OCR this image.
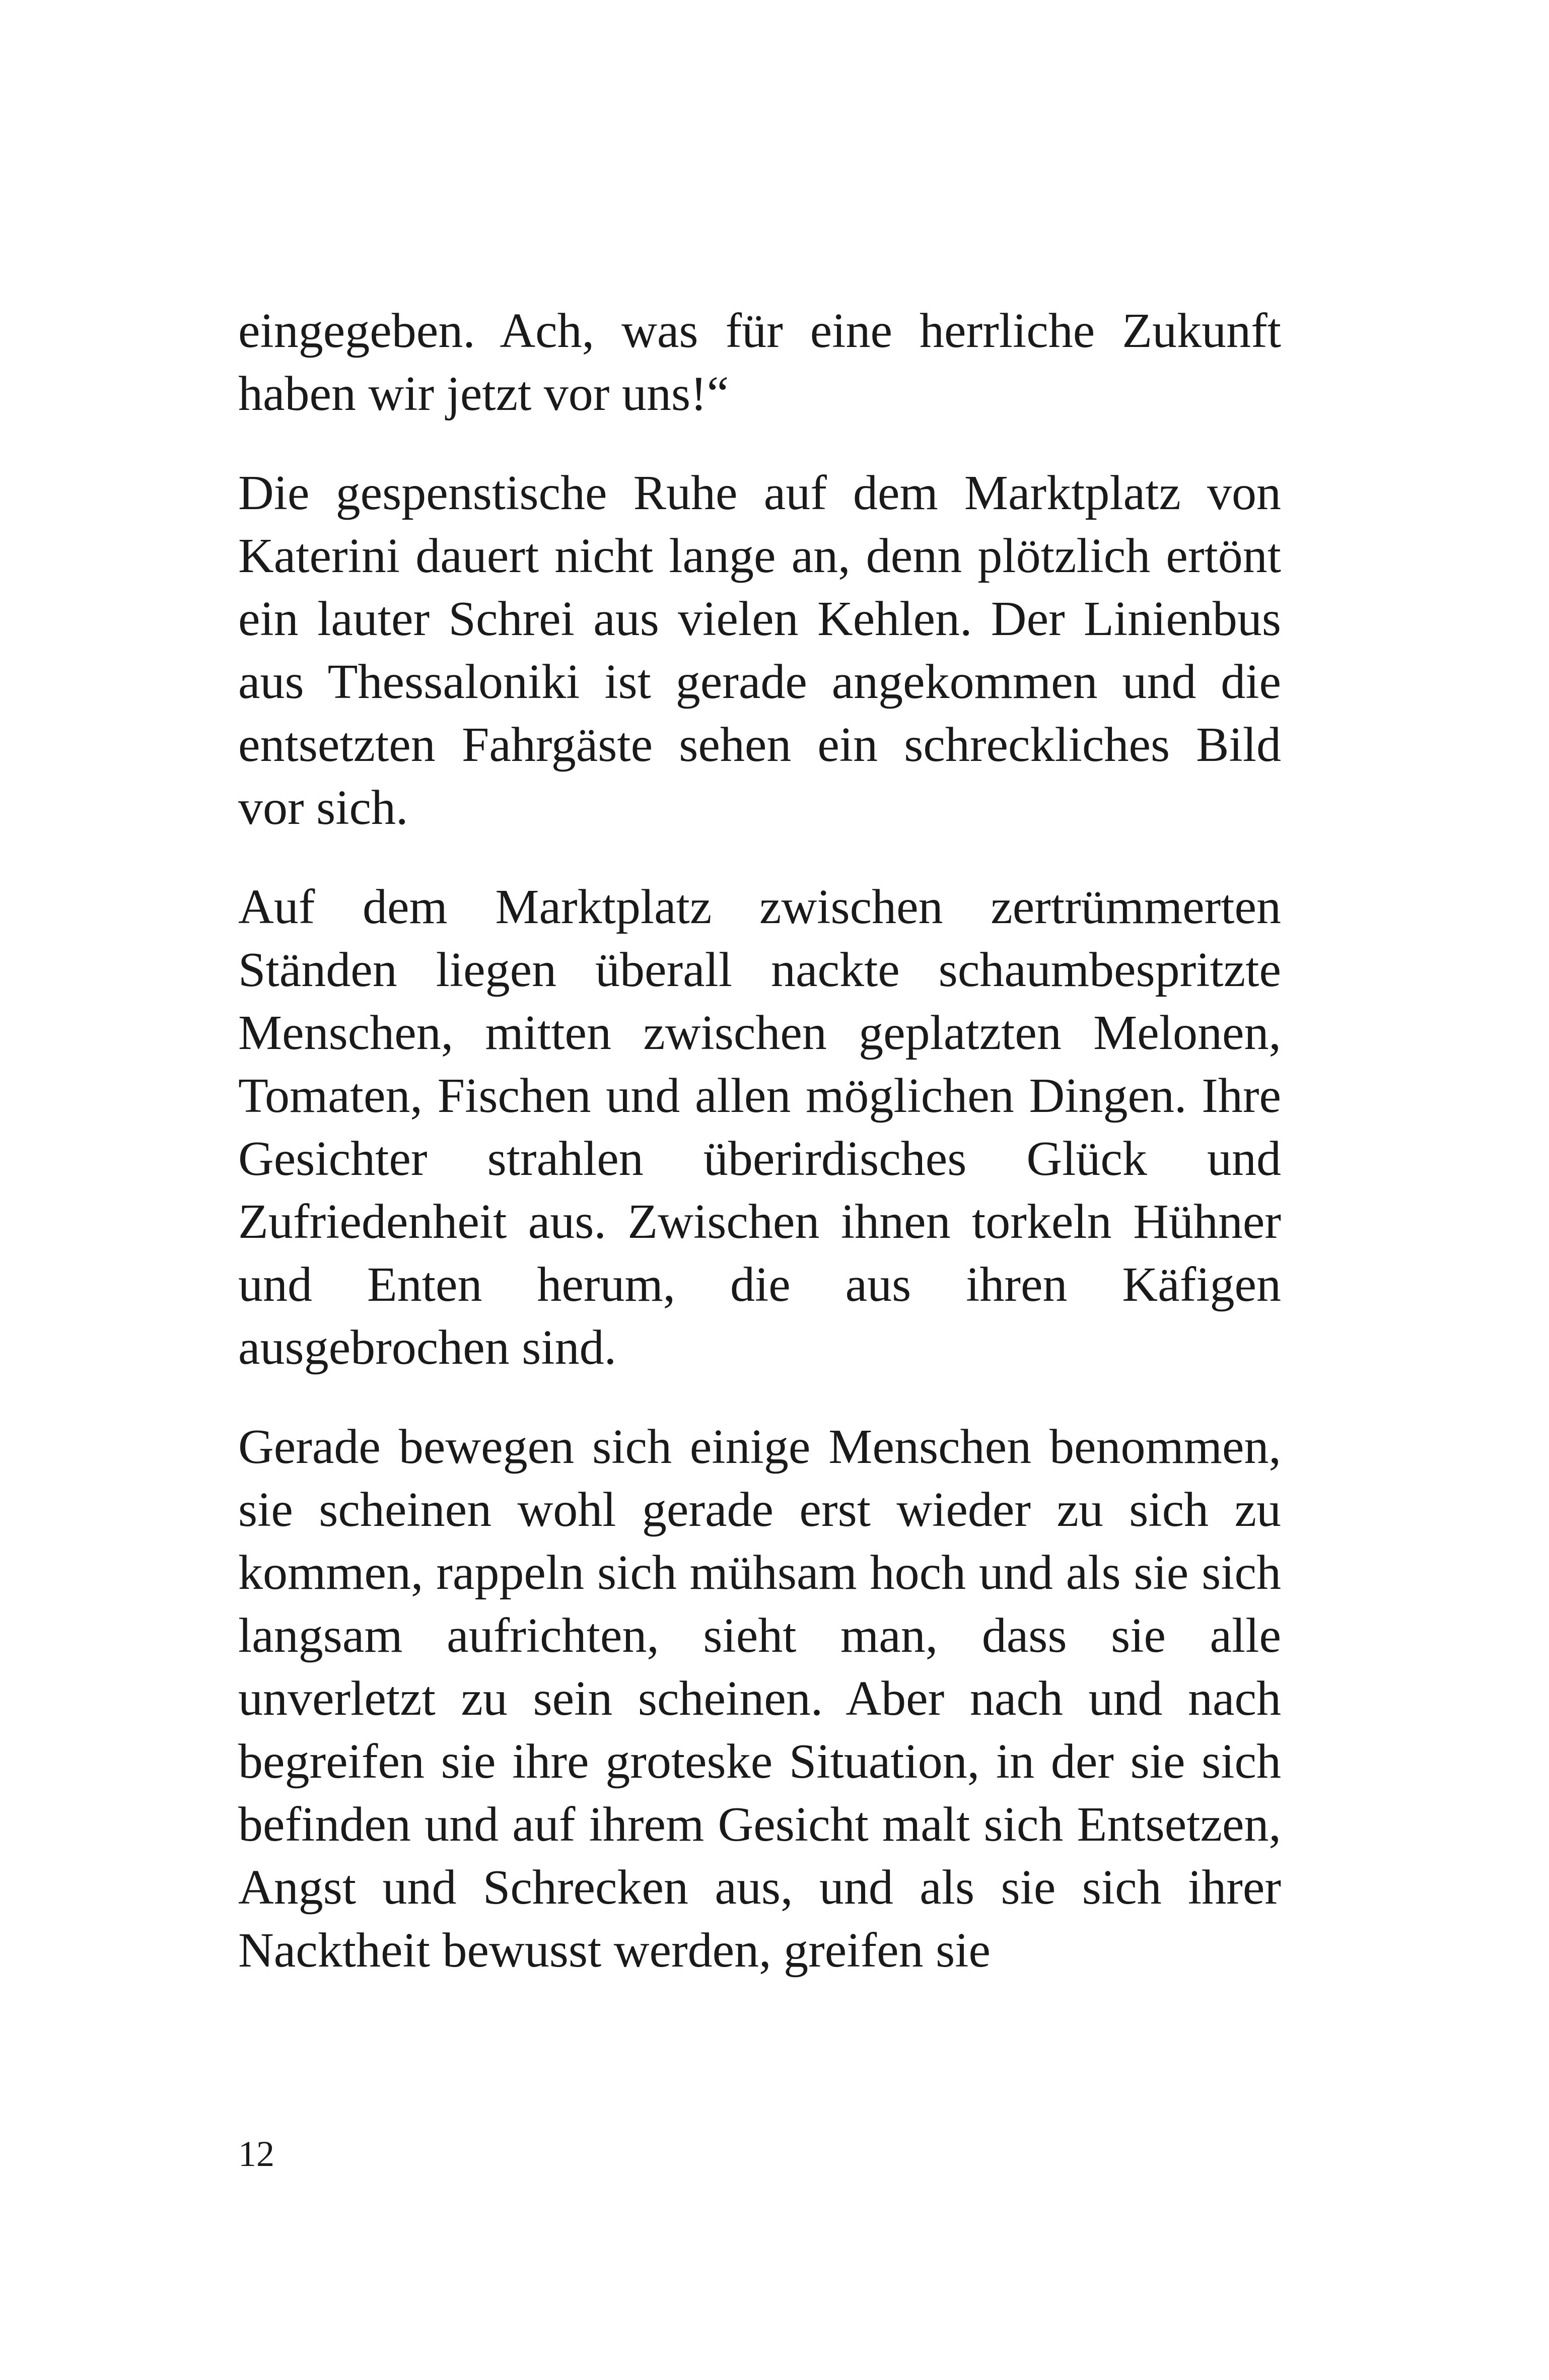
eingegeben. Ach, was für eine herrliche Zukunft haben wir jetzt vor uns!“

Die gespenstische Ruhe auf dem Marktplatz von Katerini dauert nicht lange an, denn plötzlich ertönt ein lauter Schrei aus vielen Kehlen. Der Linienbus aus Thessaloniki ist gerade angekommen und die entsetzten Fahrgäste sehen ein schreckliches Bild vor sich.

Auf dem Marktplatz zwischen zertrümmerten Ständen liegen überall nackte schaumbespritzte Menschen, mitten zwischen geplatzten Melonen, Tomaten, Fischen und allen möglichen Dingen. Ihre Gesichter strahlen überirdisches Glück und Zufriedenheit aus. Zwischen ihnen torkeln Hühner und Enten herum, die aus ihren Käfigen ausgebrochen sind.

Gerade bewegen sich einige Menschen benommen, sie scheinen wohl gerade erst wieder zu sich zu kommen, rappeln sich mühsam hoch und als sie sich langsam aufrichten, sieht man, dass sie alle unverletzt zu sein scheinen. Aber nach und nach begreifen sie ihre groteske Situation, in der sie sich befinden und auf ihrem Gesicht malt sich Entsetzen, Angst und Schrecken aus, und als sie sich ihrer Nacktheit bewusst werden, greifen sie

12
